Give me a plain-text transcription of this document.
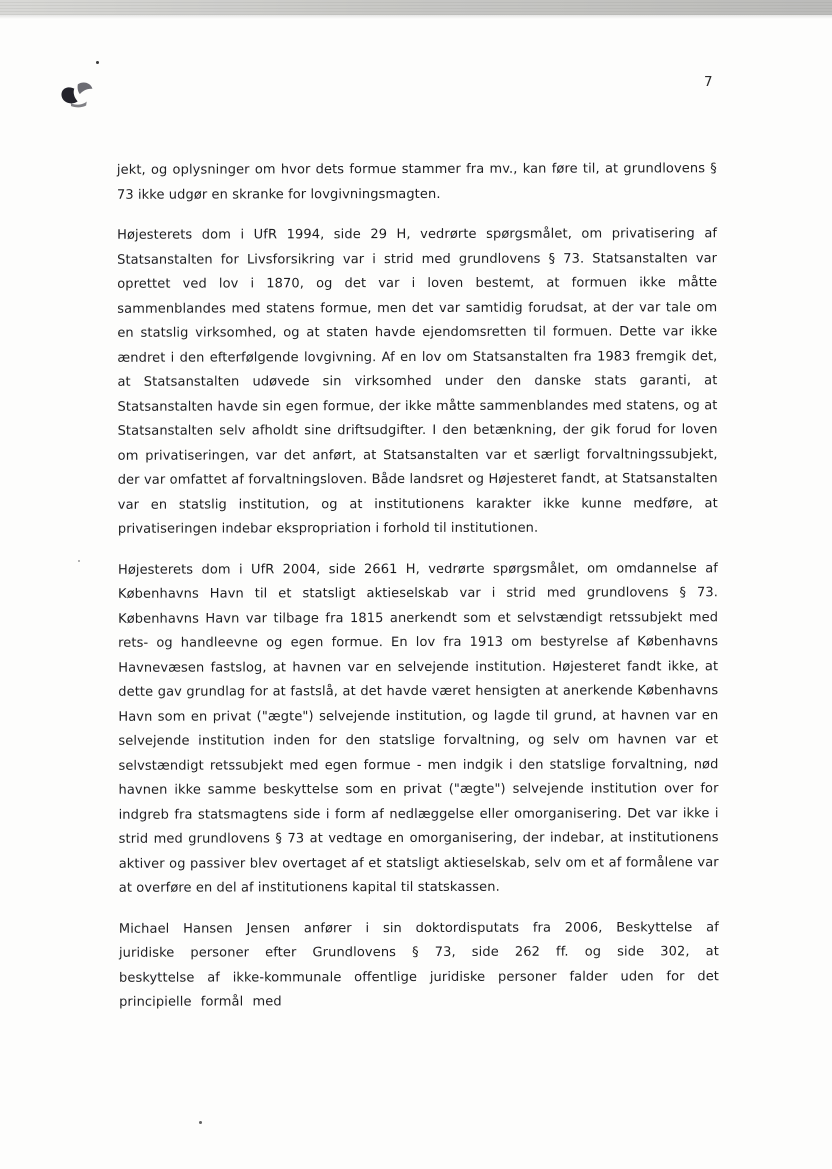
7

jekt, og oplysninger om hvor dets formue stammer fra mv., kan føre til, at grundlovens § 73 ikke udgør en skranke for lovgivningsmagten.

Højesterets dom i UfR 1994, side 29 H, vedrørte spørgsmålet, om privatisering af Statsanstalten for Livsforsikring var i strid med grundlovens § 73. Statsanstalten var oprettet ved lov i 1870, og det var i loven bestemt, at formuen ikke måtte sammenblandes med statens formue, men det var samtidig forudsat, at der var tale om en statslig virksomhed, og at staten havde ejendomsretten til formuen. Dette var ikke ændret i den efterfølgende lovgivning. Af en lov om Statsanstalten fra 1983 fremgik det, at Statsanstalten udøvede sin virksomhed under den danske stats garanti, at Statsanstalten havde sin egen formue, der ikke måtte sammenblandes med statens, og at Statsanstalten selv afholdt sine driftsudgifter. I den betænkning, der gik forud for loven om privatiseringen, var det anført, at Statsanstalten var et særligt forvaltningssubjekt, der var omfattet af forvaltningsloven. Både landsret og Højesteret fandt, at Statsanstalten var en statslig institution, og at institutionens karakter ikke kunne medføre, at privatiseringen indebar ekspropriation i forhold til institutionen.

Højesterets dom i UfR 2004, side 2661 H, vedrørte spørgsmålet, om omdannelse af Københavns Havn til et statsligt aktieselskab var i strid med grundlovens § 73. Københavns Havn var tilbage fra 1815 anerkendt som et selvstændigt retssubjekt med rets- og handleevne og egen formue. En lov fra 1913 om bestyrelse af Københavns Havnevæsen fastslog, at havnen var en selvejende institution. Højesteret fandt ikke, at dette gav grundlag for at fastslå, at det havde været hensigten at anerkende Københavns Havn som en privat ("ægte") selvejende institution, og lagde til grund, at havnen var en selvejende institution inden for den statslige forvaltning, og selv om havnen var et selvstændigt retssubjekt med egen formue - men indgik i den statslige forvaltning, nød havnen ikke samme beskyttelse som en privat ("ægte") selvejende institution over for indgreb fra statsmagtens side i form af nedlæggelse eller omorganisering. Det var ikke i strid med grundlovens § 73 at vedtage en omorganisering, der indebar, at institutionens aktiver og passiver blev overtaget af et statsligt aktieselskab, selv om et af formålene var at overføre en del af institutionens kapital til statskassen.

Michael Hansen Jensen anfører i sin doktordisputats fra 2006, Beskyttelse af juridiske personer efter Grundlovens § 73, side 262 ff. og side 302, at beskyttelse af ikke-kommunale offentlige juridiske personer falder uden for det principielle formål med
